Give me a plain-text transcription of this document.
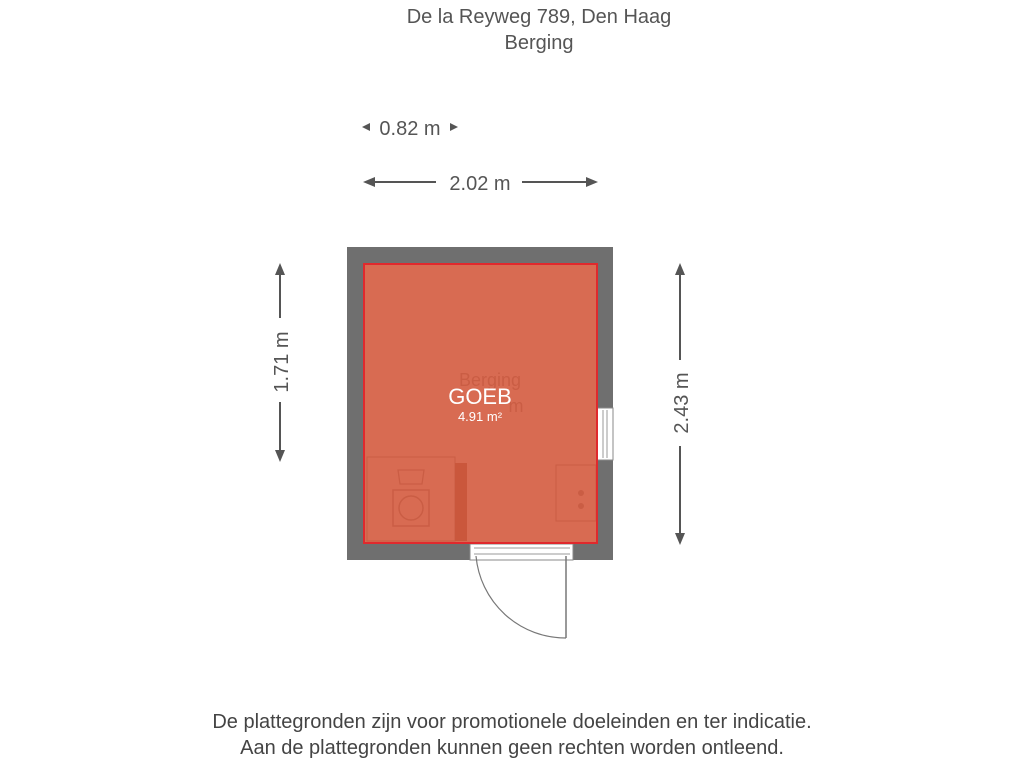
De la Reyweg 789, Den Haag
Berging
0.82 m
2.02 m
1.71 m
2.43 m
GOEB
4.91 m²
De plattegronden zijn voor promotionele doeleinden en ter indicatie.
Aan de plattegronden kunnen geen rechten worden ontleend.
